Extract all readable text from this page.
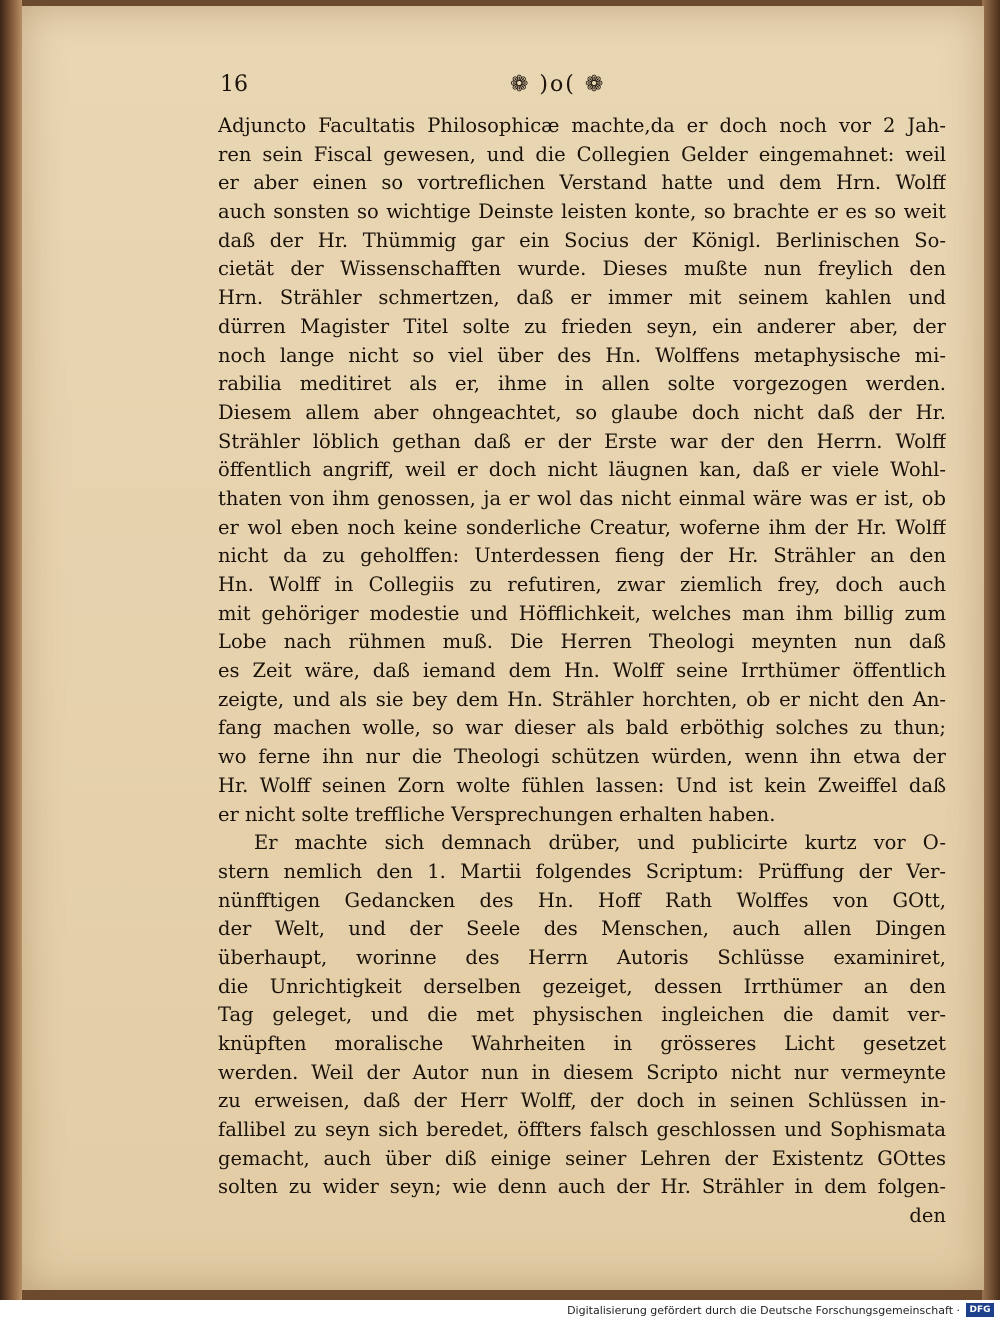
16	❁ )o( ❁
Adjuncto Facultatis Philosophicæ machte,da er doch noch vor 2 Jah-
ren sein Fiscal gewesen, und die Collegien Gelder eingemahnet: weil
er aber einen so vortreflichen Verstand hatte und dem Hrn. Wolff
auch sonsten so wichtige Deinste leisten konte, so brachte er es so weit
daß der Hr. Thümmig gar ein Socius der Königl. Berlinischen So-
cietät der Wissenschafften wurde. Dieses mußte nun freylich den
Hrn. Strähler schmertzen, daß er immer mit seinem kahlen und
dürren Magister Titel solte zu frieden seyn, ein anderer aber, der
noch lange nicht so viel über des Hn. Wolffens metaphysische mi-
rabilia meditiret als er, ihme in allen solte vorgezogen werden.
Diesem allem aber ohngeachtet, so glaube doch nicht daß der Hr.
Strähler löblich gethan daß er der Erste war der den Herrn. Wolff
öffentlich angriff, weil er doch nicht läugnen kan, daß er viele Wohl-
thaten von ihm genossen, ja er wol das nicht einmal wäre was er ist, ob
er wol eben noch keine sonderliche Creatur, woferne ihm der Hr. Wolff
nicht da zu geholffen: Unterdessen fieng der Hr. Strähler an den
Hn. Wolff in Collegiis zu refutiren, zwar ziemlich frey, doch auch
mit gehöriger modestie und Höfflichkeit, welches man ihm billig zum
Lobe nach rühmen muß. Die Herren Theologi meynten nun daß
es Zeit wäre, daß iemand dem Hn. Wolff seine Irrthümer öffentlich
zeigte, und als sie bey dem Hn. Strähler horchten, ob er nicht den An-
fang machen wolle, so war dieser als bald erböthig solches zu thun;
wo ferne ihn nur die Theologi schützen würden, wenn ihn etwa der
Hr. Wolff seinen Zorn wolte fühlen lassen: Und ist kein Zweiffel daß
er nicht solte treffliche Versprechungen erhalten haben.
Er machte sich demnach drüber, und publicirte kurtz vor O-
stern nemlich den 1. Martii folgendes Scriptum: Prüffung der Ver-
nünfftigen Gedancken des Hn. Hoff Rath Wolffes von GOtt,
der Welt, und der Seele des Menschen, auch allen Dingen
überhaupt, worinne des Herrn Autoris Schlüsse examiniret,
die Unrichtigkeit derselben gezeiget, dessen Irrthümer an den
Tag geleget, und die met physischen ingleichen die damit ver-
knüpften moralische Wahrheiten in grösseres Licht gesetzet
werden. Weil der Autor nun in diesem Scripto nicht nur vermeynte
zu erweisen, daß der Herr Wolff, der doch in seinen Schlüssen in-
fallibel zu seyn sich beredet, öffters falsch geschlossen und Sophismata
gemacht, auch über diß einige seiner Lehren der Existentz GOttes
solten zu wider seyn; wie denn auch der Hr. Strähler in dem folgen-
den
Digitalisierung gefördert durch die Deutsche Forschungsgemeinschaft ·	DFG
